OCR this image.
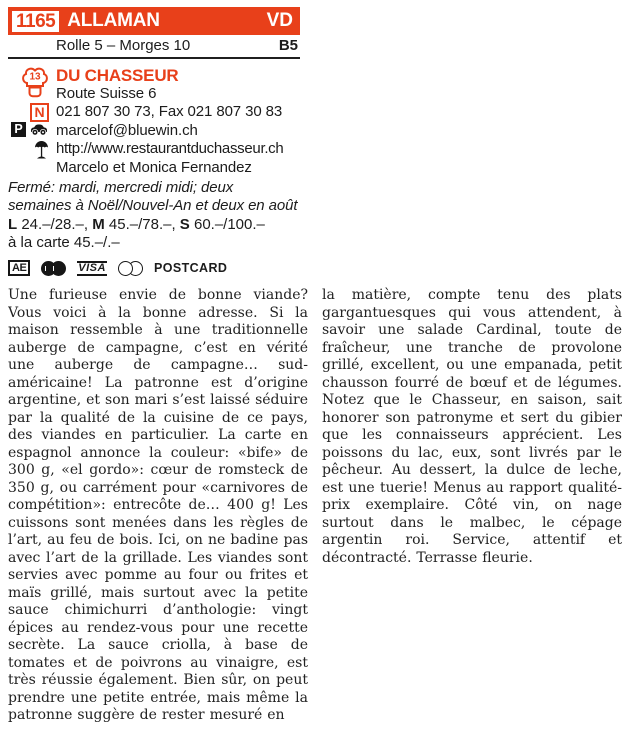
1165 ALLAMAN	VD
Rolle 5 – Morges 10	B5
13 DU CHASSEUR
Route Suisse 6
N 021 807 30 73, Fax 021 807 30 83
P marcelof@bluewin.ch
http://www.restaurantduchasseur.ch
Marcelo et Monica Fernandez
Fermé: mardi, mercredi midi; deux semaines à Noël/Nouvel-An et deux en août
L 24.–/28.–, M 45.–/78.–, S 60.–/100.–
à la carte 45.–/.–
AE	VISA	POSTCARD
Une furieuse envie de bonne viande? Vous voici à la bonne adresse. Si la maison ressemble à une traditionnelle auberge de campagne, c’est en vérité une auberge de campagne… sud-américaine! La patronne est d’origine argentine, et son mari s’est laissé séduire par la qualité de la cuisine de ce pays, des viandes en particulier. La carte en espagnol annonce la couleur: «bife» de 300 g, «el gordo»: cœur de romsteck de 350 g, ou carrément pour «carnivores de compétition»: entrecôte de… 400 g! Les cuissons sont menées dans les règles de l’art, au feu de bois. Ici, on ne badine pas avec l’art de la grillade. Les viandes sont servies avec pomme au four ou frites et maïs grillé, mais surtout avec la petite sauce chimichurri d’anthologie: vingt épices au rendez-vous pour une recette secrète. La sauce criolla, à base de tomates et de poivrons au vinaigre, est très réussie également. Bien sûr, on peut prendre une petite entrée, mais même la patronne suggère de rester mesuré en
la matière, compte tenu des plats gargantuesques qui vous attendent, à savoir une salade Cardinal, toute de fraîcheur, une tranche de provolone grillé, excellent, ou une empanada, petit chausson fourré de bœuf et de légumes. Notez que le Chasseur, en saison, sait honorer son patronyme et sert du gibier que les connaisseurs apprécient. Les poissons du lac, eux, sont livrés par le pêcheur. Au dessert, la dulce de leche, est une tuerie! Menus au rapport qualité-prix exemplaire. Côté vin, on nage surtout dans le malbec, le cépage argentin roi. Service, attentif et décontracté. Terrasse fleurie.
